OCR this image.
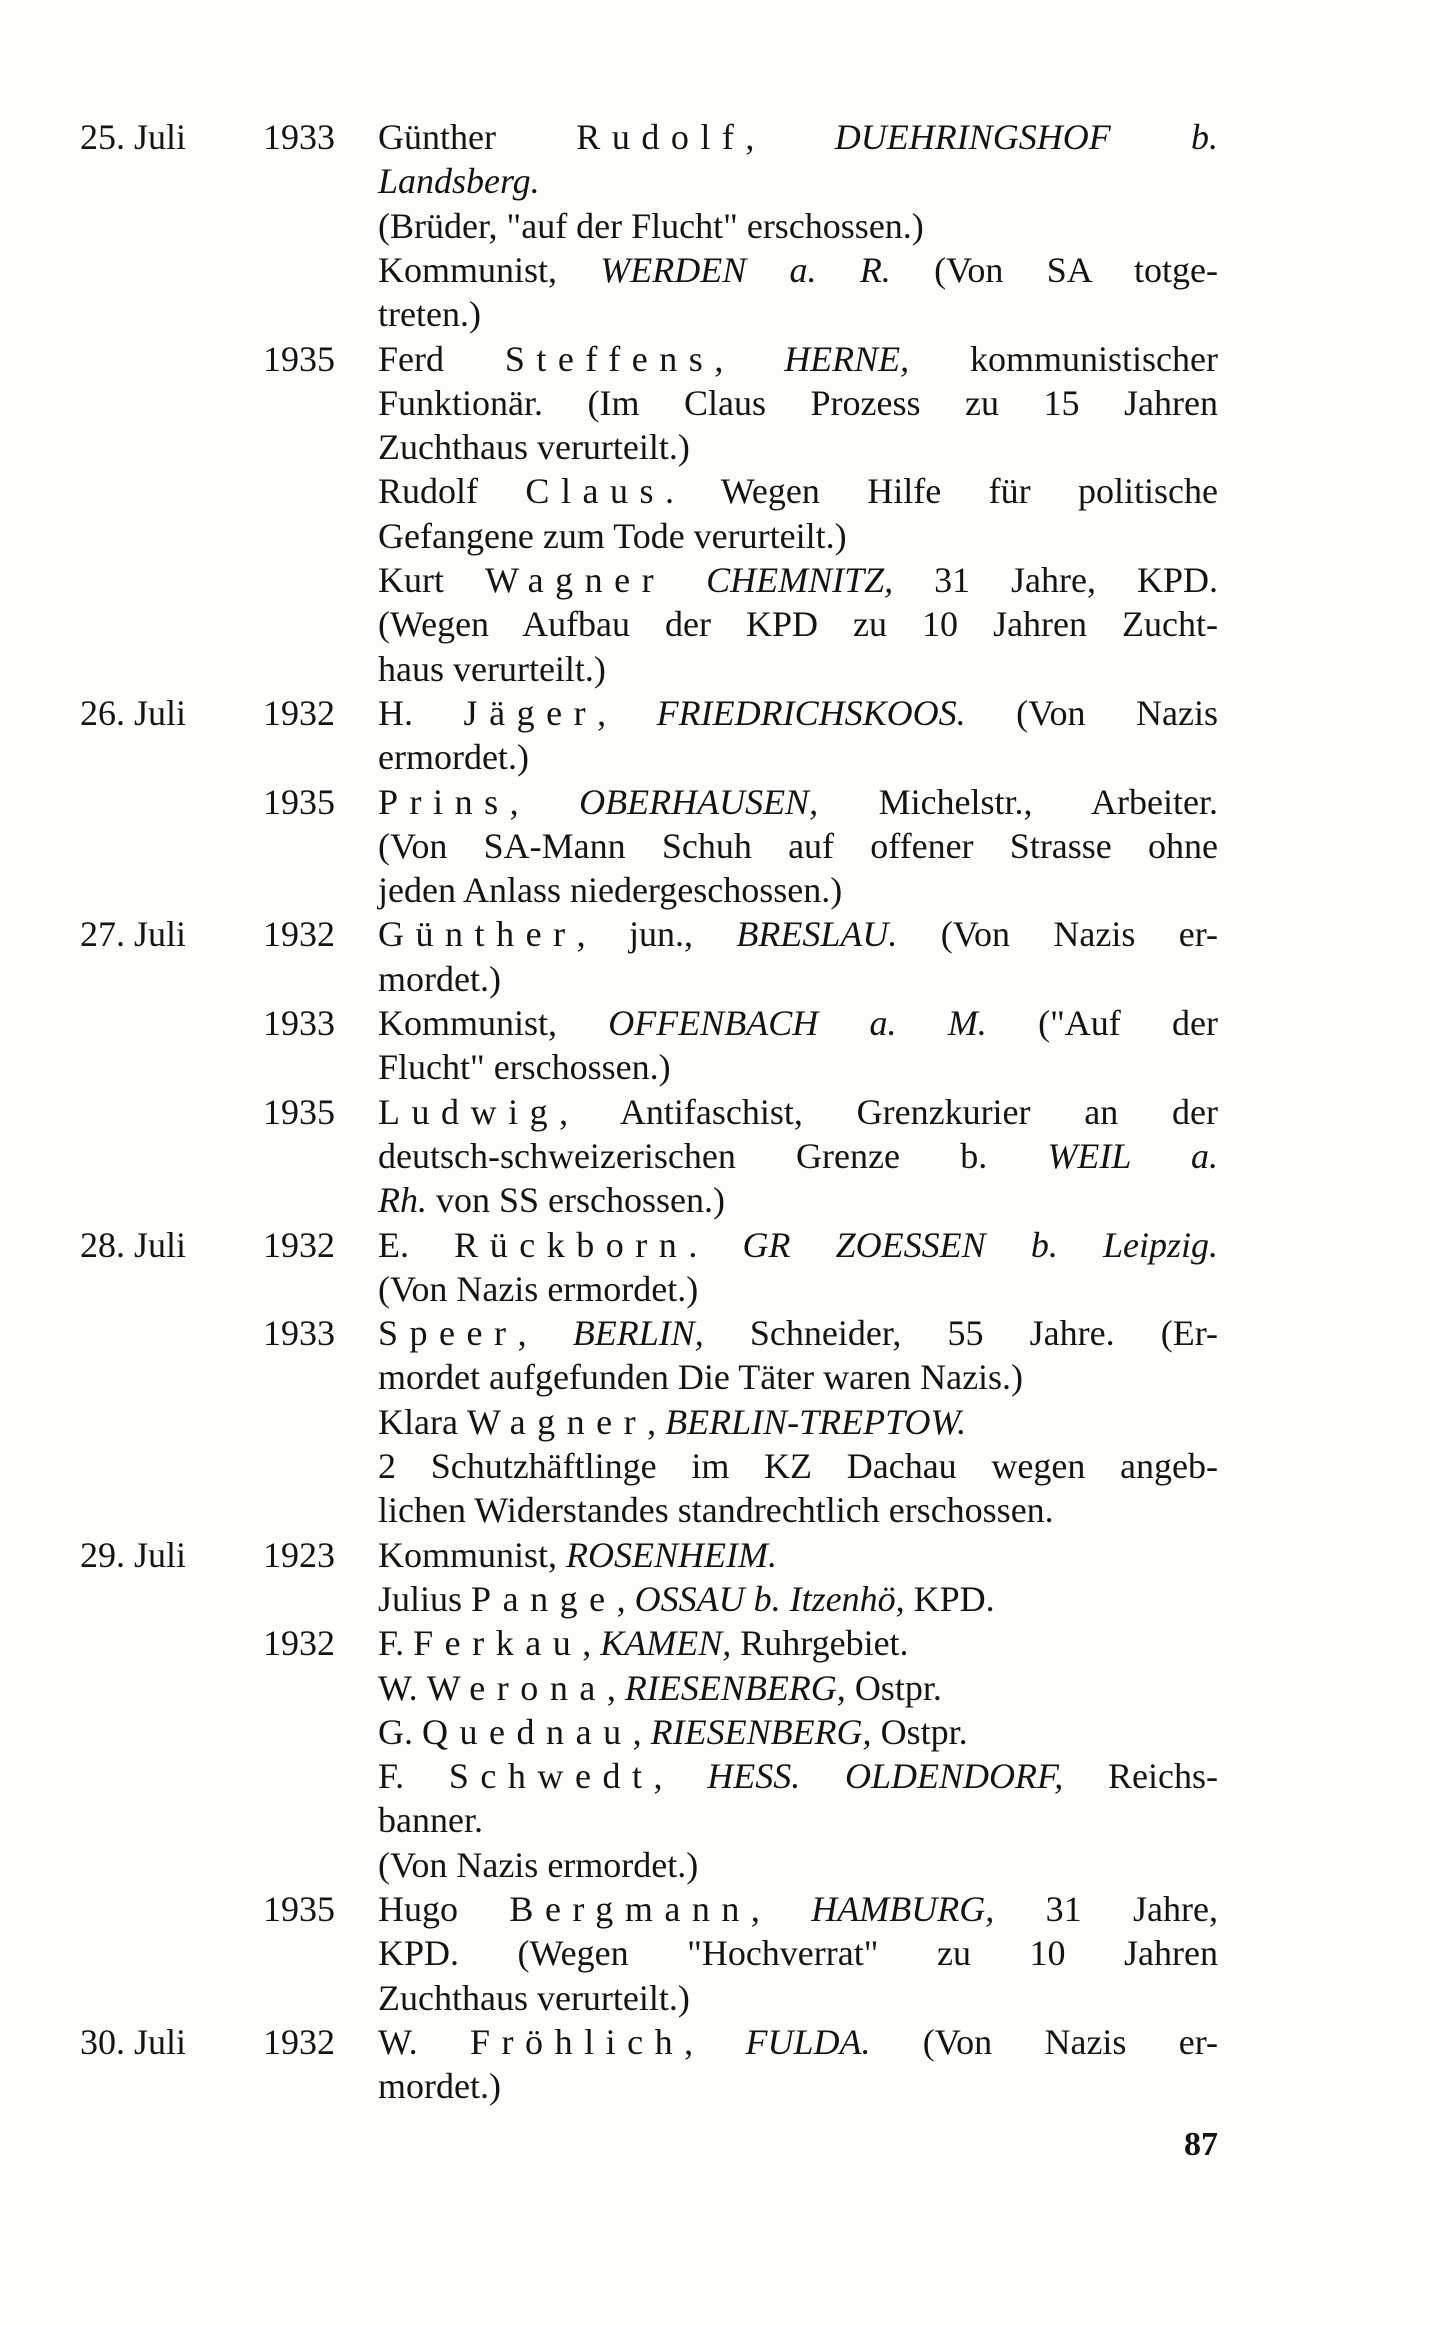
25. Juli	1933 Günther Rudolf, DUEHRINGSHOF b.
Landsberg.
(Brüder, "auf der Flucht" erschossen.)
Kommunist, WERDEN a. R. (Von SA totge-
treten.)
1935 Ferd Steffens, HERNE, kommunistischer
Funktionär. (Im Claus Prozess zu 15 Jahren
Zuchthaus verurteilt.)
Rudolf Claus. Wegen Hilfe für politische
Gefangene zum Tode verurteilt.)
Kurt Wagner CHEMNITZ, 31 Jahre, KPD.
(Wegen Aufbau der KPD zu 10 Jahren Zucht-
haus verurteilt.)
26. Juli	1932 H. Jäger, FRIEDRICHSKOOS. (Von Nazis
ermordet.)
1935 Prins, OBERHAUSEN, Michelstr., Arbeiter.
(Von SA-Mann Schuh auf offener Strasse ohne
jeden Anlass niedergeschossen.)
27. Juli	1932 Günther, jun., BRESLAU. (Von Nazis er-
mordet.)
1933 Kommunist, OFFENBACH a. M. ("Auf der
Flucht" erschossen.)
1935 Ludwig, Antifaschist, Grenzkurier an der
deutsch-schweizerischen Grenze b. WEIL a.
Rh. von SS erschossen.)
28. Juli	1932 E. Rückborn. GR ZOESSEN b. Leipzig.
(Von Nazis ermordet.)
1933 Speer, BERLIN, Schneider, 55 Jahre. (Er-
mordet aufgefunden Die Täter waren Nazis.)
Klara Wagner, BERLIN-TREPTOW.
2 Schutzhäftlinge im KZ Dachau wegen angeb-
lichen Widerstandes standrechtlich erschossen.
29. Juli	1923 Kommunist, ROSENHEIM.
Julius Pange, OSSAU b. Itzenhö, KPD.
1932 F. Ferkau, KAMEN, Ruhrgebiet.
W. Werona, RIESENBERG, Ostpr.
G. Quednau, RIESENBERG, Ostpr.
F. Schwedt, HESS. OLDENDORF, Reichs-
banner.
(Von Nazis ermordet.)
1935 Hugo Bergmann, HAMBURG, 31 Jahre,
KPD. (Wegen "Hochverrat" zu 10 Jahren
Zuchthaus verurteilt.)
30. Juli	1932 W. Fröhlich, FULDA. (Von Nazis er-
mordet.)
87
